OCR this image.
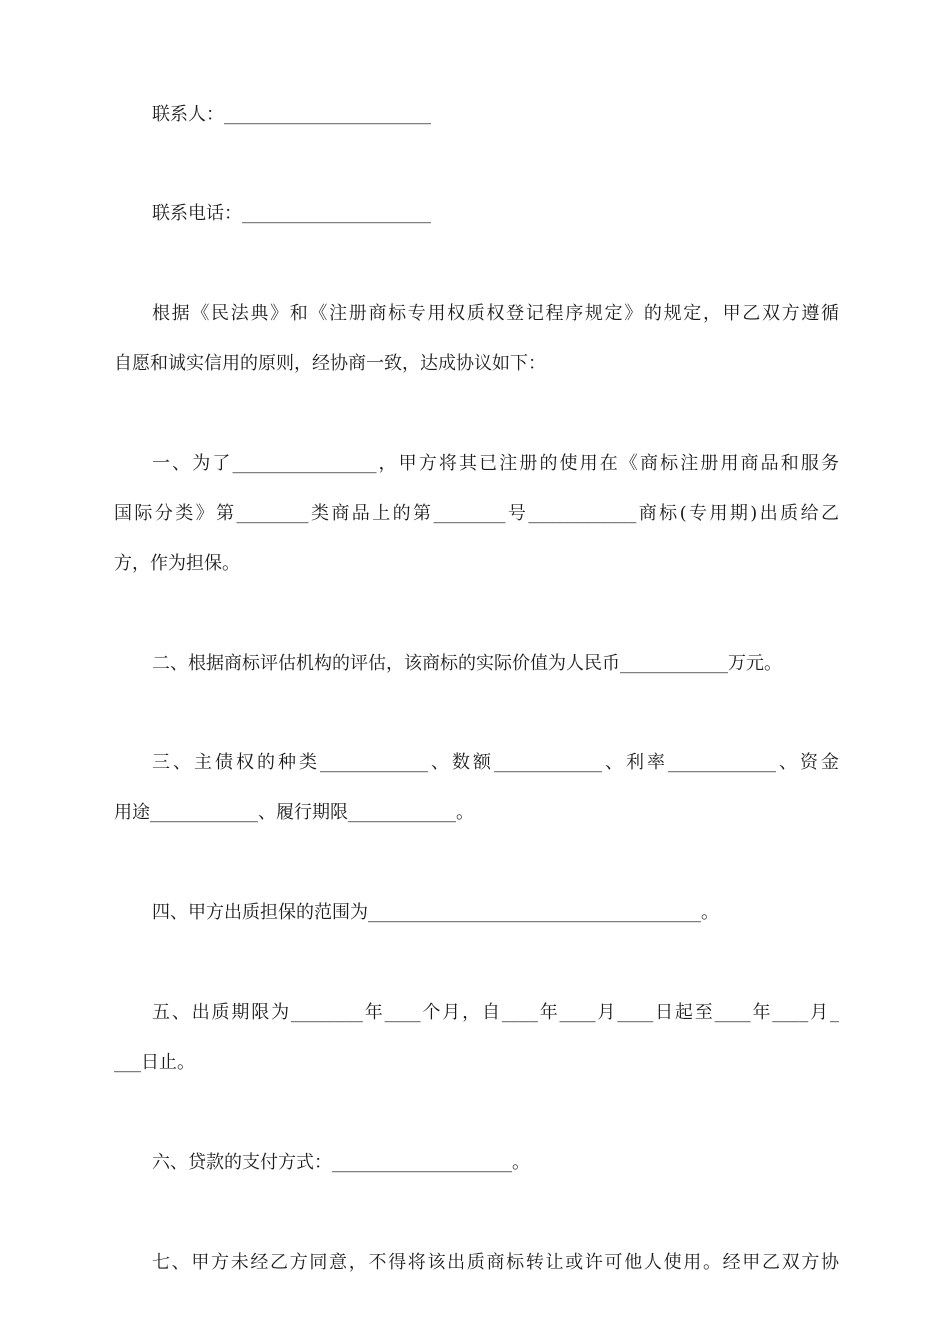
联系人：_______________________
联系电话：_____________________
根据《民法典》和《注册商标专用权质权登记程序规定》的规定，甲乙双方遵循
自愿和诚实信用的原则，经协商一致，达成协议如下：
一、为了________________，甲方将其已注册的使用在《商标注册用商品和服务
国际分类》第________类商品上的第________号____________商标(专用期)出质给乙
方，作为担保。
二、根据商标评估机构的评估，该商标的实际价值为人民币____________万元。
三、主债权的种类____________、数额____________、利率____________、资金
用途____________、履行期限____________。
四、甲方出质担保的范围为_____________________________________。
五、出质期限为________年____个月，自____年____月____日起至____年____月_
___日止。
六、贷款的支付方式：____________________。
七、甲方未经乙方同意，不得将该出质商标转让或许可他人使用。经甲乙双方协
